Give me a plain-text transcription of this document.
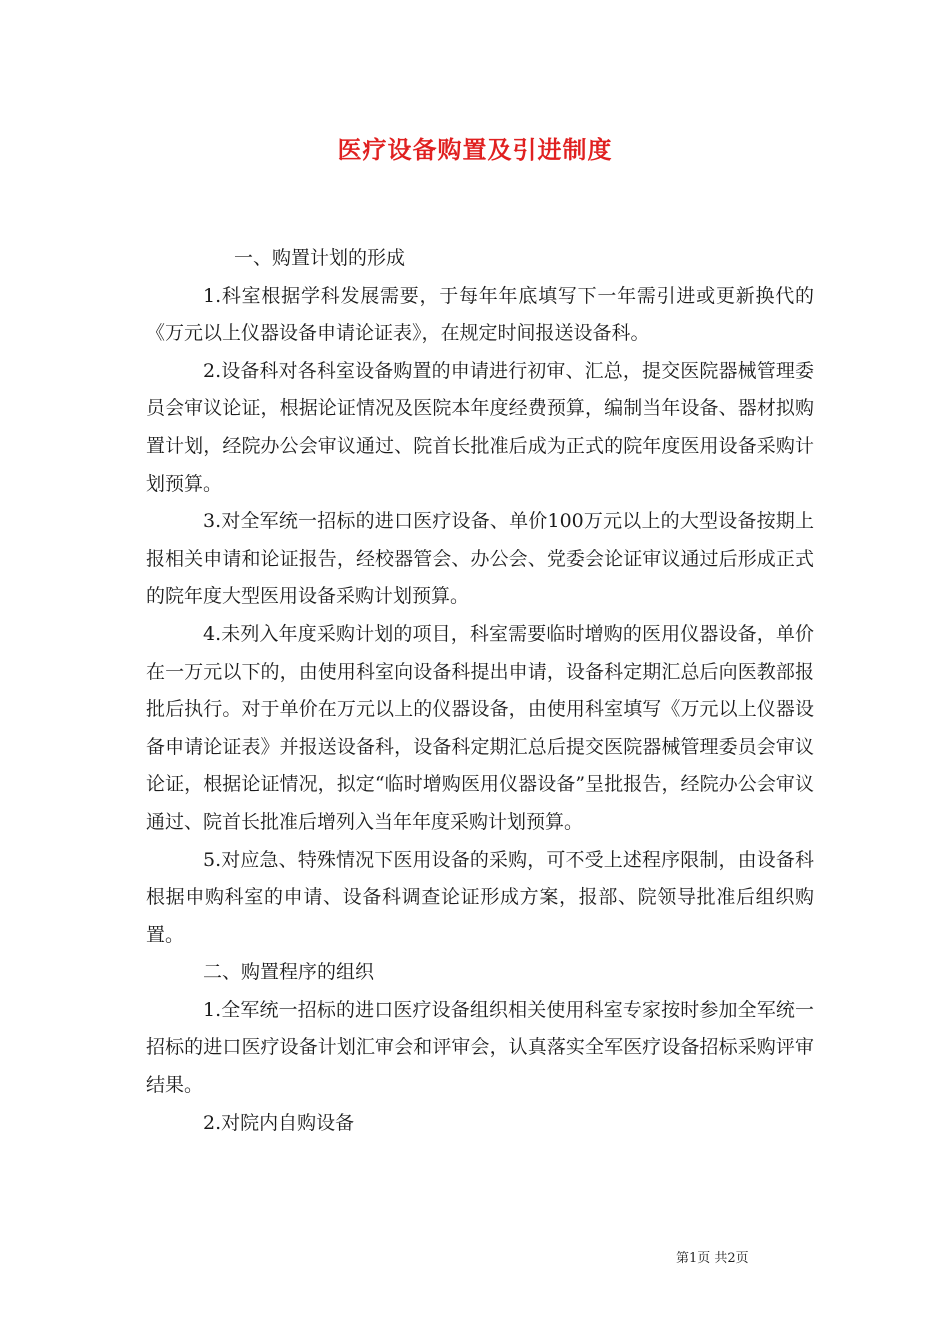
医疗设备购置及引进制度

一、购置计划的形成

1.科室根据学科发展需要，于每年年底填写下一年需引进或更新换代的《万元以上仪器设备申请论证表》，在规定时间报送设备科。

2.设备科对各科室设备购置的申请进行初审、汇总，提交医院器械管理委员会审议论证，根据论证情况及医院本年度经费预算，编制当年设备、器材拟购置计划，经院办公会审议通过、院首长批准后成为正式的院年度医用设备采购计划预算。

3.对全军统一招标的进口医疗设备、单价100万元以上的大型设备按期上报相关申请和论证报告，经校器管会、办公会、党委会论证审议通过后形成正式的院年度大型医用设备采购计划预算。

4.未列入年度采购计划的项目，科室需要临时增购的医用仪器设备，单价在一万元以下的，由使用科室向设备科提出申请，设备科定期汇总后向医教部报批后执行。对于单价在万元以上的仪器设备，由使用科室填写《万元以上仪器设备申请论证表》并报送设备科，设备科定期汇总后提交医院器械管理委员会审议论证，根据论证情况，拟定“临时增购医用仪器设备”呈批报告，经院办公会审议通过、院首长批准后增列入当年年度采购计划预算。

5.对应急、特殊情况下医用设备的采购，可不受上述程序限制，由设备科根据申购科室的申请、设备科调查论证形成方案，报部、院领导批准后组织购置。

二、购置程序的组织

1.全军统一招标的进口医疗设备组织相关使用科室专家按时参加全军统一招标的进口医疗设备计划汇审会和评审会，认真落实全军医疗设备招标采购评审结果。

2.对院内自购设备

第1页 共2页
